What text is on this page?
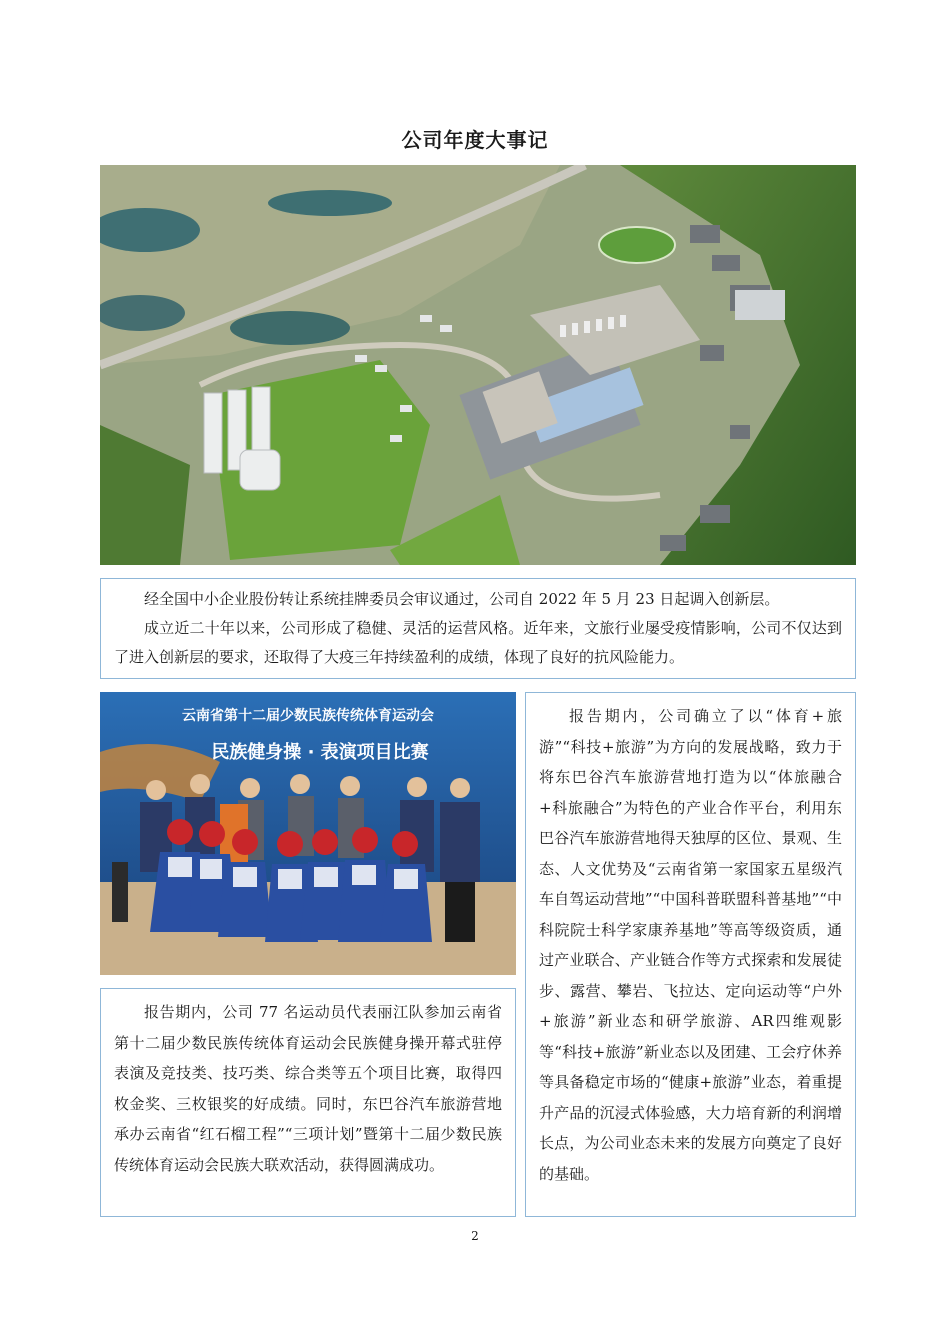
公司年度大事记

经全国中小企业股份转让系统挂牌委员会审议通过，公司自 2022 年 5 月 23 日起调入创新层。

成立近二十年以来，公司形成了稳健、灵活的运营风格。近年来，文旅行业屡受疫情影响，公司不仅达到了进入创新层的要求，还取得了大疫三年持续盈利的成绩，体现了良好的抗风险能力。

云南省第十二届少数民族传统体育运动会
民族健身操 · 表演项目比赛

报告期内，公司 77 名运动员代表丽江队参加云南省第十二届少数民族传统体育运动会民族健身操开幕式驻停表演及竞技类、技巧类、综合类等五个项目比赛，取得四枚金奖、三枚银奖的好成绩。同时，东巴谷汽车旅游营地承办云南省“红石榴工程”“三项计划”暨第十二届少数民族传统体育运动会民族大联欢活动，获得圆满成功。

报告期内，公司确立了以“体育+旅游”“科技+旅游”为方向的发展战略，致力于将东巴谷汽车旅游营地打造为以“体旅融合+科旅融合”为特色的产业合作平台，利用东巴谷汽车旅游营地得天独厚的区位、景观、生态、人文优势及“云南省第一家国家五星级汽车自驾运动营地”“中国科普联盟科普基地”“中科院院士科学家康养基地”等高等级资质，通过产业联合、产业链合作等方式探索和发展徒步、露营、攀岩、飞拉达、定向运动等“户外+旅游”新业态和研学旅游、AR四维观影等“科技+旅游”新业态以及团建、工会疗休养等具备稳定市场的“健康+旅游”业态，着重提升产品的沉浸式体验感，大力培育新的利润增长点，为公司业态未来的发展方向奠定了良好的基础。

2
